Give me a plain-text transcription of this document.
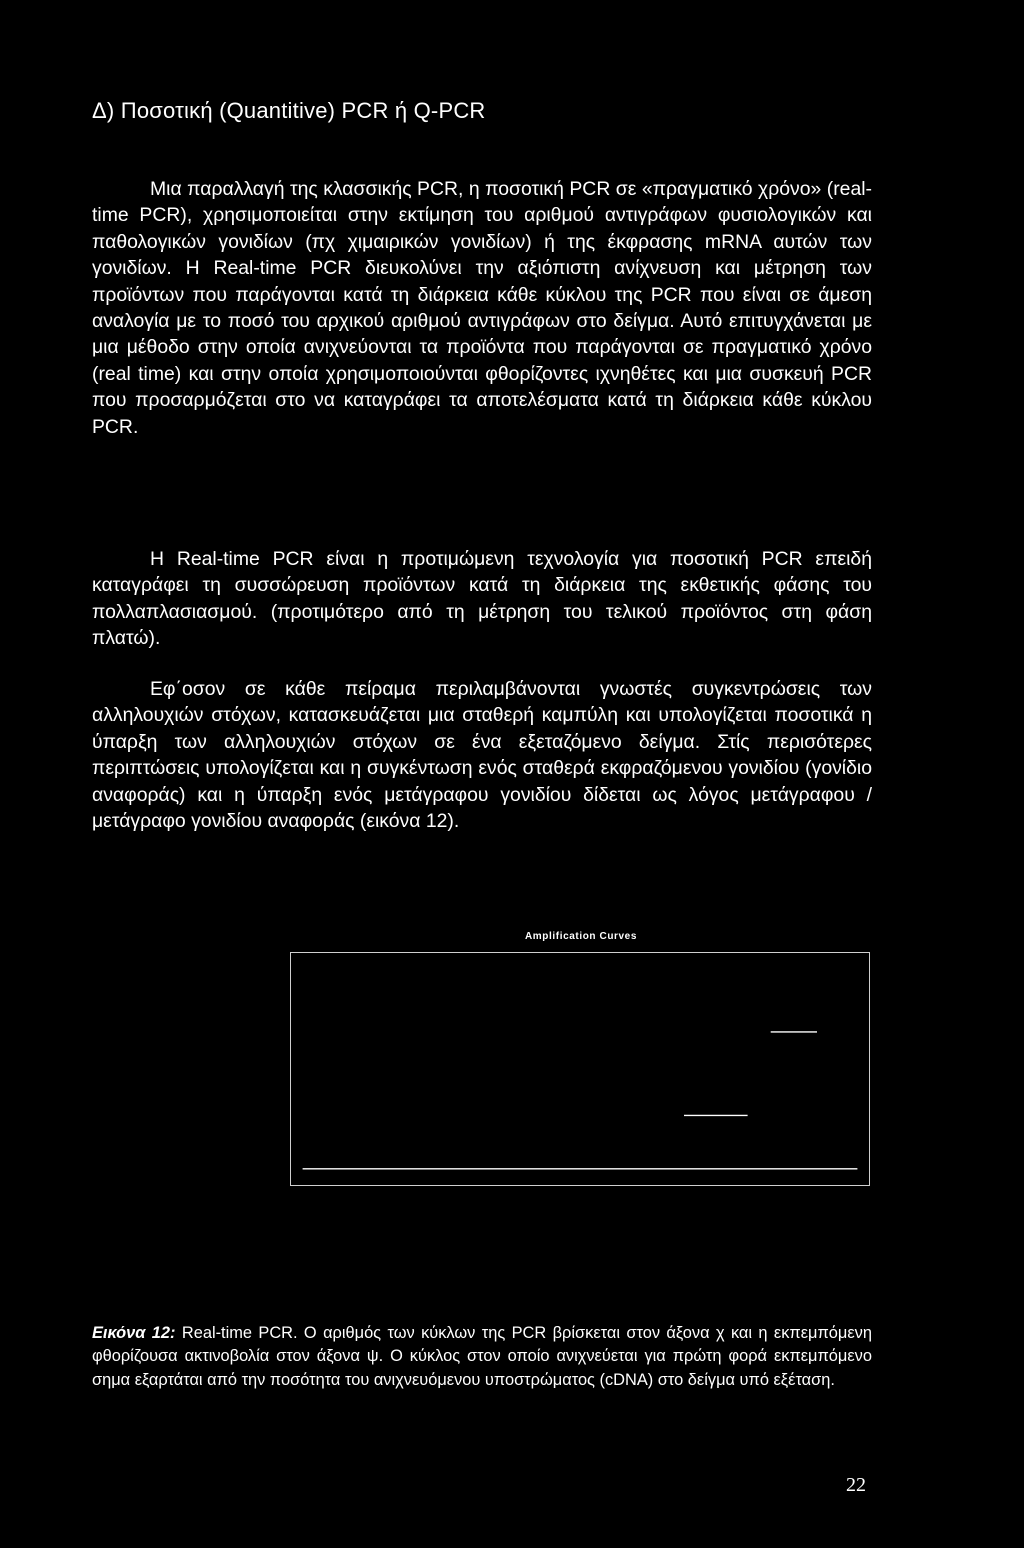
Δ) Ποσοτική (Quantitive) PCR ή Q-PCR
Μια παραλλαγή της κλασσικής PCR, η ποσοτική PCR σε «πραγματικό χρόνο» (real-time PCR), χρησιμοποιείται στην εκτίμηση του αριθμού αντιγράφων φυσιολογικών και παθολογικών γονιδίων (πχ χιμαιρικών γονιδίων) ή της έκφρασης mRNA αυτών των γονιδίων. Η Real-time PCR διευκολύνει την αξιόπιστη ανίχνευση και μέτρηση των προϊόντων που παράγονται κατά τη διάρκεια κάθε κύκλου της PCR που είναι σε άμεση αναλογία με το ποσό του αρχικού αριθμού αντιγράφων στο δείγμα. Αυτό επιτυγχάνεται με μια μέθοδο στην οποία ανιχνεύονται τα προϊόντα που παράγονται σε πραγματικό χρόνο (real time) και στην οποία χρησιμοποιούνται φθορίζοντες ιχνηθέτες και μια συσκευή PCR που προσαρμόζεται στο να καταγράφει τα αποτελέσματα κατά τη διάρκεια κάθε κύκλου PCR.
Η Real-time PCR είναι η προτιμώμενη τεχνολογία για ποσοτική PCR επειδή καταγράφει τη συσσώρευση προϊόντων κατά τη διάρκεια της εκθετικής φάσης του πολλαπλασιασμού. (προτιμότερο από τη μέτρηση του τελικού προϊόντος στη φάση πλατώ).
Εφ΄οσον σε κάθε πείραμα περιλαμβάνονται γνωστές συγκεντρώσεις των αλληλουχιών στόχων, κατασκευάζεται μια σταθερή καμπύλη και υπολογίζεται ποσοτικά η ύπαρξη των αλληλουχιών στόχων σε ένα εξεταζόμενο δείγμα. Στίς περισότερες περιπτώσεις υπολογίζεται και η συγκέντωση ενός σταθερά εκφραζόμενου γονιδίου (γονίδιο αναφοράς) και η ύπαρξη ενός μετάγραφου γονιδίου δίδεται ως λόγος μετάγραφου / μετάγραφο γονιδίου αναφοράς (εικόνα 12).
Amplification Curves
Εικόνα 12: Real-time PCR. Ο αριθμός των κύκλων της PCR βρίσκεται στον άξονα χ και η εκπεμπόμενη φθορίζουσα ακτινοβολία στον άξονα ψ. Ο κύκλος στον οποίο ανιχνεύεται για πρώτη φορά εκπεμπόμενο σημα εξαρτάται από την ποσότητα του ανιχνευόμενου υποστρώματος (cDNA) στο δείγμα υπό εξέταση.
22
